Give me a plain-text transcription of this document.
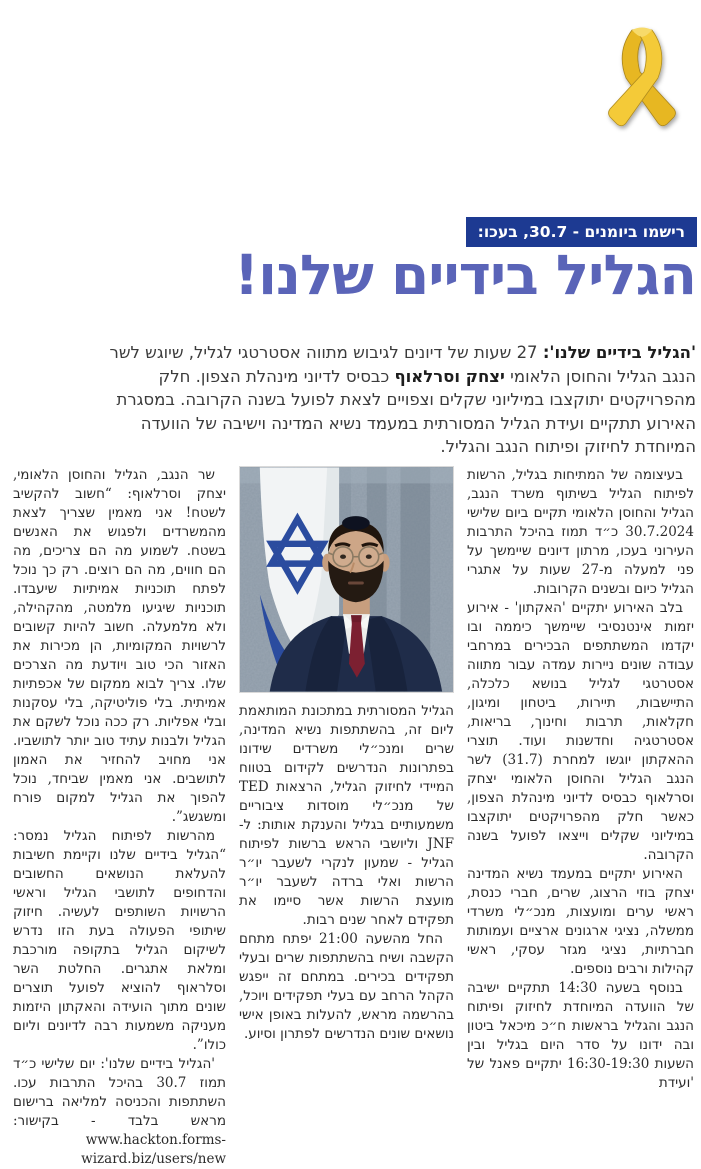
רישמו ביומנים - 30.7, בעכו:
הגליל בידיים שלנו!

'הגליל בידיים שלנו': 27 שעות של דיונים לגיבוש מתווה אסטרטגי לגליל, שיוגש לשר הנגב הגליל והחוסן הלאומי יצחק וסרלאוף כבסיס לדיוני מינהלת הצפון. חלק מהפרויקטים יתוקצבו במיליוני שקלים וצפויים לצאת לפועל בשנה הקרובה. במסגרת האירוע תתקיים ועידת הגליל המסורתית במעמד נשיא המדינה וישיבה של הוועדה המיוחדת לחיזוק ופיתוח הנגב והגליל.

בעיצומה של המתיחות בגליל, הרשות לפיתוח הגליל בשיתוף משרד הנגב, הגליל והחוסן הלאומי תקיים ביום שלישי 30.7.2024 כ״ד תמוז בהיכל התרבות העירוני בעכו, מרתון דיונים שיימשך על פני למעלה מ-27 שעות על אתגרי הגליל כיום ובשנים הקרובות.

בלב האירוע יתקיים 'האקתון' - אירוע יזמות אינטנסיבי שיימשך כיממה ובו יקדמו המשתתפים הבכירים במרחבי עבודה שונים ניירות עמדה עבור מתווה אסטרטגי לגליל בנושא כלכלה, התיישבות, תיירות, ביטחון ומיגון, חקלאות, תרבות וחינוך, בריאות, אסטרטגיה וחדשנות ועוד. תוצרי ההאקתון יוגשו למחרת (31.7) לשר הנגב הגליל והחוסן הלאומי יצחק וסרלאוף כבסיס לדיוני מינהלת הצפון, כאשר חלק מהפרויקטים יתוקצבו במיליוני שקלים וייצאו לפועל בשנה הקרובה.

האירוע יתקיים במעמד נשיא המדינה יצחק בוזי הרצוג, שרים, חברי כנסת, ראשי ערים ומועצות, מנכ״לי משרדי ממשלה, נציגי ארגונים ארציים ועמותות חברתיות, נציגי מגזר עסקי, ראשי קהילות ורבים נוספים.

בנוסף בשעה 14:30 תתקיים ישיבה של הוועדה המיוחדת לחיזוק ופיתוח הנגב והגליל בראשות ח״כ מיכאל ביטון ובה ידונו על סדר היום בגליל ובין השעות 16:30-19:30 יתקיים פאנל של 'ועידת

הגליל המסורתית במתכונת המותאמת ליום זה, בהשתתפות נשיא המדינה, שרים ומנכ״לי משרדים שידונו בפתרונות הנדרשים לקידום בטווח המיידי לחיזוק הגליל, הרצאות TED של מנכ״לי מוסדות ציבוריים משמעותיים בגליל והענקת אותות: ל-JNF וליושבי הראש ברשות לפיתוח הגליל - שמעון לנקרי לשעבר יו״ר הרשות ואלי ברדה לשעבר יו״ר מועצת הרשות אשר סיימו את תפקידם לאחר שנים רבות.

החל מהשעה 21:00 יפתח מתחם הקשבה ושיח בהשתתפות שרים ובעלי תפקידים בכירים. במתחם זה ייפגש הקהל הרחב עם בעלי תפקידים ויוכל, בהרשמה מראש, להעלות באופן אישי נושאים שונים הנדרשים לפתרון וסיוע.

שר הנגב, הגליל והחוסן הלאומי, יצחק וסרלאוף: “חשוב להקשיב לשטח! אני מאמין שצריך לצאת מהמשרדים ולפגוש את האנשים בשטח. לשמוע מה הם צריכים, מה הם חווים, מה הם רוצים. רק כך נוכל לפתח תוכניות אמיתיות שיעבדו. תוכניות שיגיעו מלמטה, מהקהילה, ולא מלמעלה. חשוב להיות קשובים לרשויות המקומיות, הן מכירות את האזור הכי טוב ויודעת מה הצרכים שלו. צריך לבוא ממקום של אכפתיות אמיתית. בלי פוליטיקה, בלי עסקנות ובלי אפליות. רק ככה נוכל לשקם את הגליל ולבנות עתיד טוב יותר לתושביו. אני מחויב להחזיר את האמון לתושבים. אני מאמין שביחד, נוכל להפוך את הגליל למקום פורח ומשגשג”.

מהרשות לפיתוח הגליל נמסר: “הגליל בידיים שלנו וקיימת חשיבות להעלאת הנושאים החשובים והדחופים לתושבי הגליל וראשי הרשויות השותפים לעשיה. חיזוק שיתופי הפעולה בעת הזו נדרש לשיקום הגליל בתקופה מורכבת ומלאת אתגרים. החלטת השר וסלראוף להוציא לפועל תוצרים שונים מתוך הועידה והאקתון היזמות מעניקה משמעות רבה לדיונים וליום כולו”.

'הגליל בידיים שלנו': יום שלישי כ״ד תמוז 30.7 בהיכל התרבות עכו. השתתפות והכניסה למליאה ברישום מראש בלבד - בקישור: www.hackton.forms-wizard.biz/users/new
